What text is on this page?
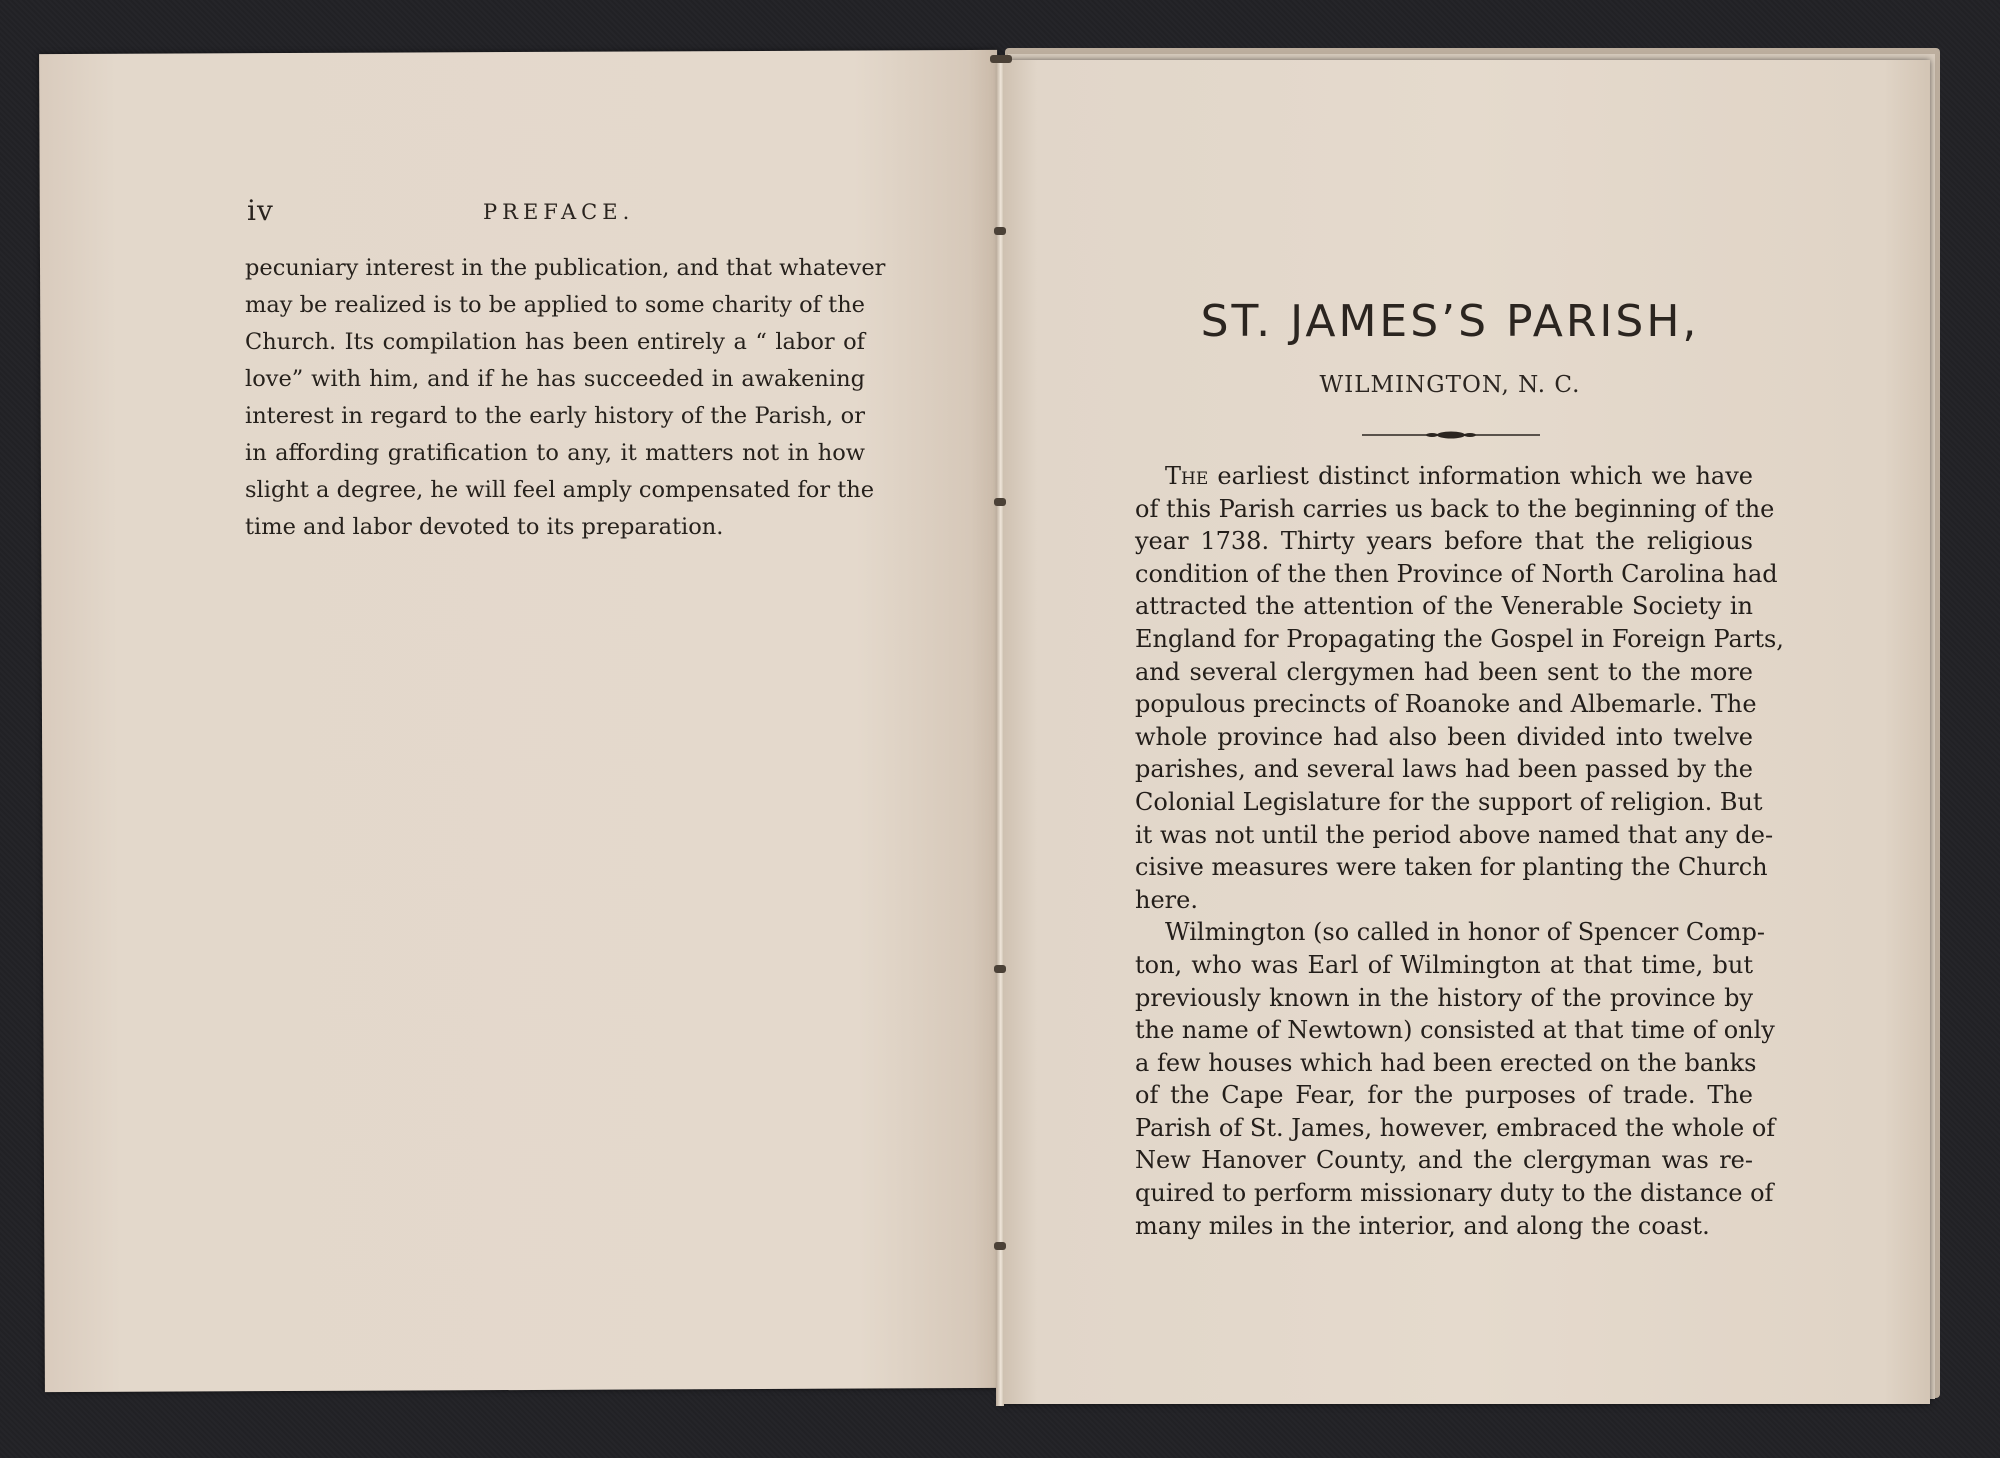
iv	PREFACE.
pecuniary interest in the publication, and that whatever
may be realized is to be applied to some charity of the
Church. Its compilation has been entirely a “ labor of
love” with him, and if he has succeeded in awakening
interest in regard to the early history of the Parish, or
in affording gratification to any, it matters not in how
slight a degree, he will feel amply compensated for the
time and labor devoted to its preparation.
ST. JAMES’S PARISH,
WILMINGTON, N. C.
The earliest distinct information which we have
of this Parish carries us back to the beginning of the
year 1738. Thirty years before that the religious
condition of the then Province of North Carolina had
attracted the attention of the Venerable Society in
England for Propagating the Gospel in Foreign Parts,
and several clergymen had been sent to the more
populous precincts of Roanoke and Albemarle. The
whole province had also been divided into twelve
parishes, and several laws had been passed by the
Colonial Legislature for the support of religion. But
it was not until the period above named that any de-
cisive measures were taken for planting the Church
here.
Wilmington (so called in honor of Spencer Comp-
ton, who was Earl of Wilmington at that time, but
previously known in the history of the province by
the name of Newtown) consisted at that time of only
a few houses which had been erected on the banks
of the Cape Fear, for the purposes of trade. The
Parish of St. James, however, embraced the whole of
New Hanover County, and the clergyman was re-
quired to perform missionary duty to the distance of
many miles in the interior, and along the coast.
